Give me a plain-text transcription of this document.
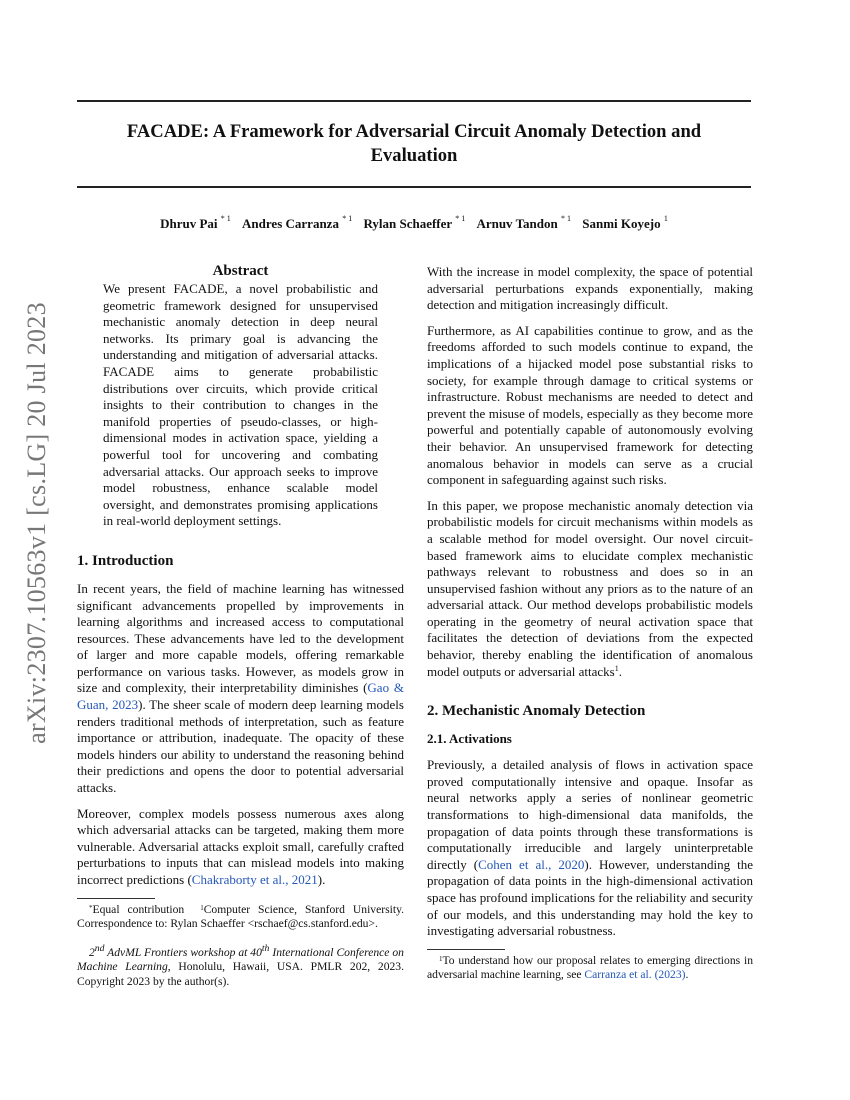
arXiv:2307.10563v1 [cs.LG] 20 Jul 2023
FACADE: A Framework for Adversarial Circuit Anomaly Detection and
Evaluation
Dhruv Pai $^{* 1}$ Andres Carranza $^{* 1}$ Rylan Schaeffer $^{* 1}$ Arnuv Tandon $^{* 1}$ Sanmi Koyejo $^1$
Abstract
We present FACADE, a novel probabilistic and geometric framework designed for unsupervised mechanistic anomaly detection in deep neural networks. Its primary goal is advancing the understanding and mitigation of adversarial attacks. FACADE aims to generate probabilistic distributions over circuits, which provide critical insights to their contribution to changes in the manifold properties of pseudo-classes, or high-dimensional modes in activation space, yielding a powerful tool for uncovering and combating adversarial attacks. Our approach seeks to improve model robustness, enhance scalable model oversight, and demonstrates promising applications in real-world deployment settings.
1. Introduction

In recent years, the field of machine learning has witnessed significant advancements propelled by improvements in learning algorithms and increased access to computational resources. These advancements have led to the development of larger and more capable models, offering remarkable performance on various tasks. However, as models grow in size and complexity, their interpretability diminishes (Gao & Guan, 2023). The sheer scale of modern deep learning models renders traditional methods of interpretation, such as feature importance or attribution, inadequate. The opacity of these models hinders our ability to understand the reasoning behind their predictions and opens the door to potential adversarial attacks.

Moreover, complex models possess numerous axes along which adversarial attacks can be targeted, making them more vulnerable. Adversarial attacks exploit small, carefully crafted perturbations to inputs that can mislead models into making incorrect predictions (Chakraborty et al., 2021).

*Equal contribution $^1$Computer Science, Stanford University. Correspondence to: Rylan Schaeffer <rschaef@cs.stanford.edu>.
2nd AdvML Frontiers workshop at 40th International Conference on Machine Learning, Honolulu, Hawaii, USA. PMLR 202, 2023. Copyright 2023 by the author(s).

With the increase in model complexity, the space of potential adversarial perturbations expands exponentially, making detection and mitigation increasingly difficult.

Furthermore, as AI capabilities continue to grow, and as the freedoms afforded to such models continue to expand, the implications of a hijacked model pose substantial risks to society, for example through damage to critical systems or infrastructure. Robust mechanisms are needed to detect and prevent the misuse of models, especially as they become more powerful and potentially capable of autonomously evolving their behavior. An unsupervised framework for detecting anomalous behavior in models can serve as a crucial component in safeguarding against such risks.

In this paper, we propose mechanistic anomaly detection via probabilistic models for circuit mechanisms within models as a scalable method for model oversight. Our novel circuit-based framework aims to elucidate complex mechanistic pathways relevant to robustness and does so in an unsupervised fashion without any priors as to the nature of an adversarial attack. Our method develops probabilistic models operating in the geometry of neural activation space that facilitates the detection of deviations from the expected behavior, thereby enabling the identification of anomalous model outputs or adversarial attacks$^1$.

2. Mechanistic Anomaly Detection
2.1. Activations

Previously, a detailed analysis of flows in activation space proved computationally intensive and opaque. Insofar as neural networks apply a series of nonlinear geometric transformations to high-dimensional data manifolds, the propagation of data points through these transformations is computationally irreducible and largely uninterpretable directly (Cohen et al., 2020). However, understanding the propagation of data points in the high-dimensional activation space has profound implications for the reliability and security of our models, and this understanding may hold the key to investigating adversarial robustness.

$^1$To understand how our proposal relates to emerging directions in adversarial machine learning, see Carranza et al. (2023).
